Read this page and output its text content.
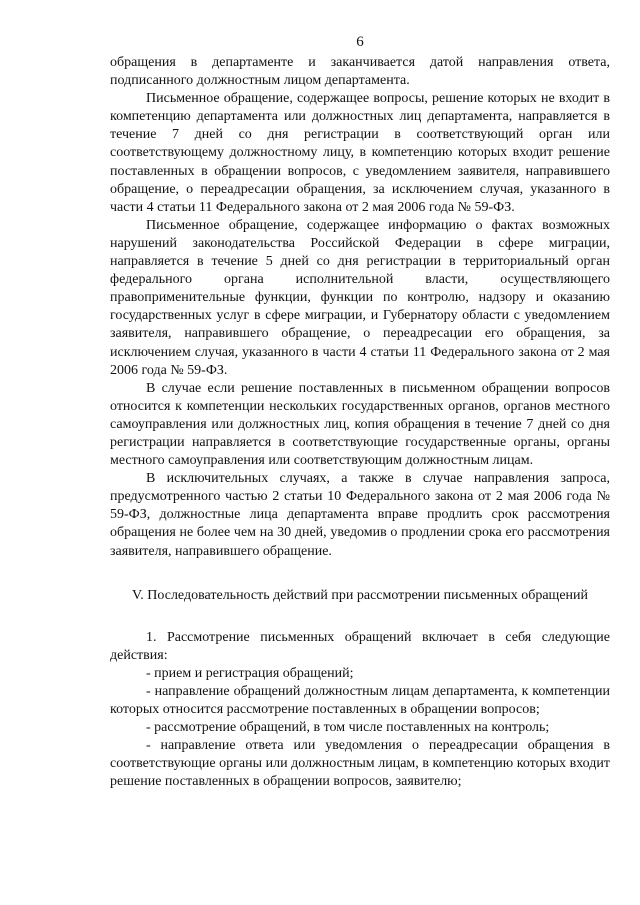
6

обращения в департаменте и заканчивается датой направления ответа, подписанного должностным лицом департамента.

Письменное обращение, содержащее вопросы, решение которых не входит в компетенцию департамента или должностных лиц департамента, направляется в течение 7 дней со дня регистрации в соответствующий орган или соответствующему должностному лицу, в компетенцию которых входит решение поставленных в обращении вопросов, с уведомлением заявителя, направившего обращение, о переадресации обращения, за исключением случая, указанного в части 4 статьи 11 Федерального закона от 2 мая 2006 года № 59-ФЗ.

Письменное обращение, содержащее информацию о фактах возможных нарушений законодательства Российской Федерации в сфере миграции, направляется в течение 5 дней со дня регистрации в территориальный орган федерального органа исполнительной власти, осуществляющего правоприменительные функции, функции по контролю, надзору и оказанию государственных услуг в сфере миграции, и Губернатору области с уведомлением заявителя, направившего обращение, о переадресации его обращения, за исключением случая, указанного в части 4 статьи 11 Федерального закона от 2 мая 2006 года № 59-ФЗ.

В случае если решение поставленных в письменном обращении вопросов относится к компетенции нескольких государственных органов, органов местного самоуправления или должностных лиц, копия обращения в течение 7 дней со дня регистрации направляется в соответствующие государственные органы, органы местного самоуправления или соответствующим должностным лицам.

В исключительных случаях, а также в случае направления запроса, предусмотренного частью 2 статьи 10 Федерального закона от 2 мая 2006 года № 59-ФЗ, должностные лица департамента вправе продлить срок рассмотрения обращения не более чем на 30 дней, уведомив о продлении срока его рассмотрения заявителя, направившего обращение.

V. Последовательность действий при рассмотрении письменных обращений

1. Рассмотрение письменных обращений включает в себя следующие действия:

- прием и регистрация обращений;

- направление обращений должностным лицам департамента, к компетенции которых относится рассмотрение поставленных в обращении вопросов;

- рассмотрение обращений, в том числе поставленных на контроль;

- направление ответа или уведомления о переадресации обращения в соответствующие органы или должностным лицам, в компетенцию которых входит решение поставленных в обращении вопросов, заявителю;
